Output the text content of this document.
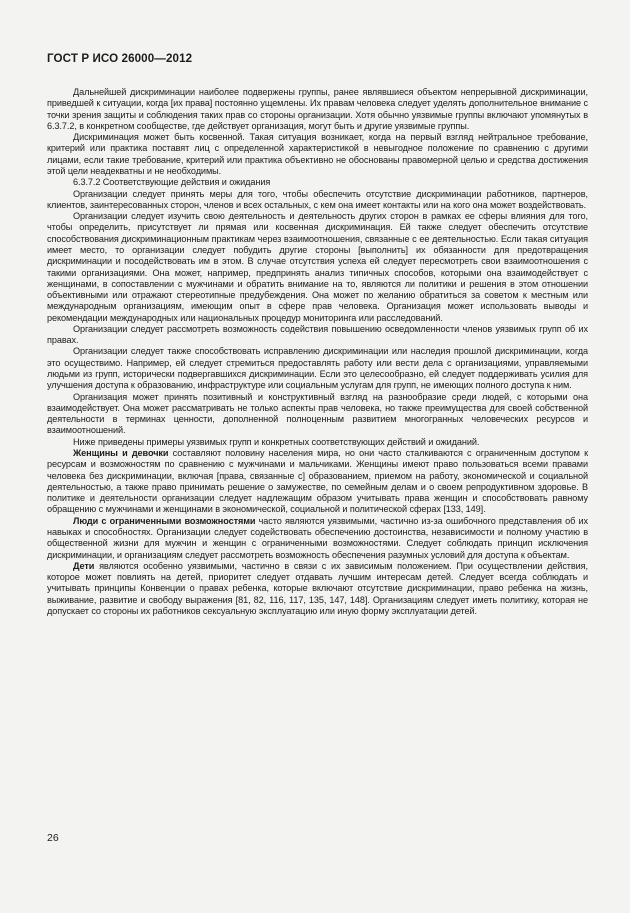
ГОСТ Р ИСО 26000—2012

Дальнейшей дискриминации наиболее подвержены группы, ранее являвшиеся объектом непрерывной дискриминации, приведшей к ситуации, когда [их права] постоянно ущемлены. Их правам человека следует уделять дополнительное внимание с точки зрения защиты и соблюдения таких прав со стороны организации. Хотя обычно уязвимые группы включают упомянутых в 6.3.7.2, в конкретном сообществе, где действует организация, могут быть и другие уязвимые группы.

Дискриминация может быть косвенной. Такая ситуация возникает, когда на первый взгляд нейтральное требование, критерий или практика поставят лиц с определенной характеристикой в невыгодное положение по сравнению с другими лицами, если такие требование, критерий или практика объективно не обоснованы правомерной целью и средства достижения этой цели неадекватны и не необходимы.

6.3.7.2 Соответствующие действия и ожидания

Организации следует принять меры для того, чтобы обеспечить отсутствие дискриминации работников, партнеров, клиентов, заинтересованных сторон, членов и всех остальных, с кем она имеет контакты или на кого она может воздействовать.

Организации следует изучить свою деятельность и деятельность других сторон в рамках ее сферы влияния для того, чтобы определить, присутствует ли прямая или косвенная дискриминация. Ей также следует обеспечить отсутствие способствования дискриминационным практикам через взаимоотношения, связанные с ее деятельностью. Если такая ситуация имеет место, то организации следует побудить другие стороны [выполнить] их обязанности для предотвращения дискриминации и посодействовать им в этом. В случае отсутствия успеха ей следует пересмотреть свои взаимоотношения с такими организациями. Она может, например, предпринять анализ типичных способов, которыми она взаимодействует с женщинами, в сопоставлении с мужчинами и обратить внимание на то, являются ли политики и решения в этом отношении объективными или отражают стереотипные предубеждения. Она может по желанию обратиться за советом к местным или международным организациям, имеющим опыт в сфере прав человека. Организация может использовать выводы и рекомендации международных или национальных процедур мониторинга или расследований.

Организации следует рассмотреть возможность содействия повышению осведомленности членов уязвимых групп об их правах.

Организации следует также способствовать исправлению дискриминации или наследия прошлой дискриминации, когда это осуществимо. Например, ей следует стремиться предоставлять работу или вести дела с организациями, управляемыми людьми из групп, исторически подвергавшихся дискриминации. Если это целесообразно, ей следует поддерживать усилия для улучшения доступа к образованию, инфраструктуре или социальным услугам для групп, не имеющих полного доступа к ним.

Организация может принять позитивный и конструктивный взгляд на разнообразие среди людей, с которыми она взаимодействует. Она может рассматривать не только аспекты прав человека, но также преимущества для своей собственной деятельности в терминах ценности, дополненной полноценным развитием многогранных человеческих ресурсов и взаимоотношений.

Ниже приведены примеры уязвимых групп и конкретных соответствующих действий и ожиданий.

Женщины и девочки составляют половину населения мира, но они часто сталкиваются с ограниченным доступом к ресурсам и возможностям по сравнению с мужчинами и мальчиками. Женщины имеют право пользоваться всеми правами человека без дискриминации, включая [права, связанные с] образованием, приемом на работу, экономической и социальной деятельностью, а также право принимать решение о замужестве, по семейным делам и о своем репродуктивном здоровье. В политике и деятельности организации следует надлежащим образом учитывать права женщин и способствовать равному обращению с мужчинами и женщинами в экономической, социальной и политической сферах [133, 149].

Люди с ограниченными возможностями часто являются уязвимыми, частично из-за ошибочного представления об их навыках и способностях. Организации следует содействовать обеспечению достоинства, независимости и полному участию в общественной жизни для мужчин и женщин с ограниченными возможностями. Следует соблюдать принцип исключения дискриминации, и организациям следует рассмотреть возможность обеспечения разумных условий для доступа к объектам.

Дети являются особенно уязвимыми, частично в связи с их зависимым положением. При осуществлении действия, которое может повлиять на детей, приоритет следует отдавать лучшим интересам детей. Следует всегда соблюдать и учитывать принципы Конвенции о правах ребенка, которые включают отсутствие дискриминации, право ребенка на жизнь, выживание, развитие и свободу выражения [81, 82, 116, 117, 135, 147, 148]. Организациям следует иметь политику, которая не допускает со стороны их работников сексуальную эксплуатацию или иную форму эксплуатации детей.

26
